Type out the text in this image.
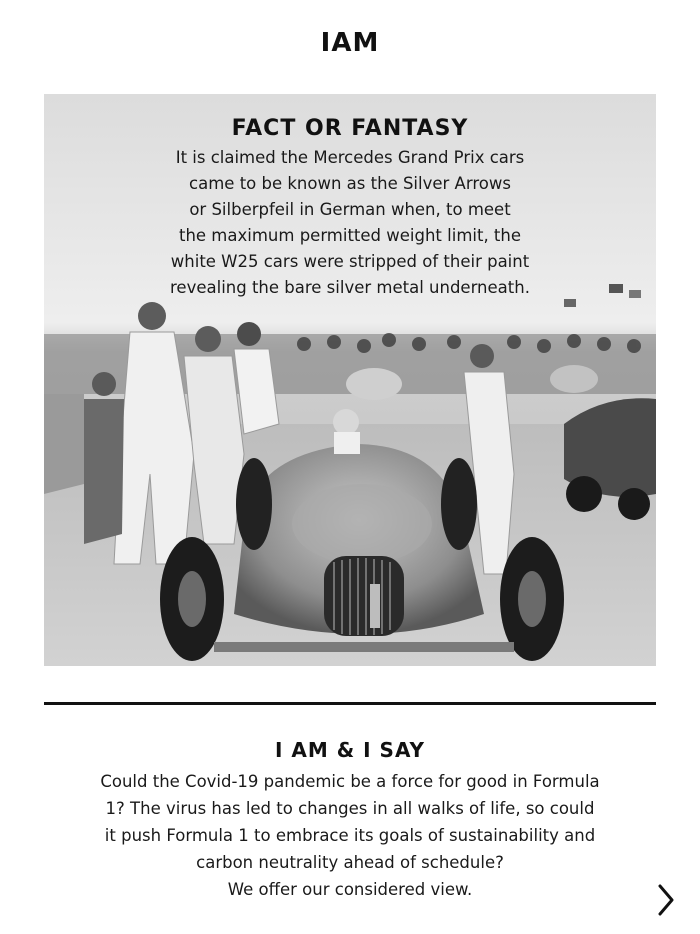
IAM
FACT OR FANTASY
It is claimed the Mercedes Grand Prix cars
came to be known as the Silver Arrows
or Silberpfeil in German when, to meet
the maximum permitted weight limit, the
white W25 cars were stripped of their paint
revealing the bare silver metal underneath.
I AM & I SAY
Could the Covid-19 pandemic be a force for good in Formula
1? The virus has led to changes in all walks of life, so could
it push Formula 1 to embrace its goals of sustainability and
carbon neutrality ahead of schedule?
We offer our considered view.
